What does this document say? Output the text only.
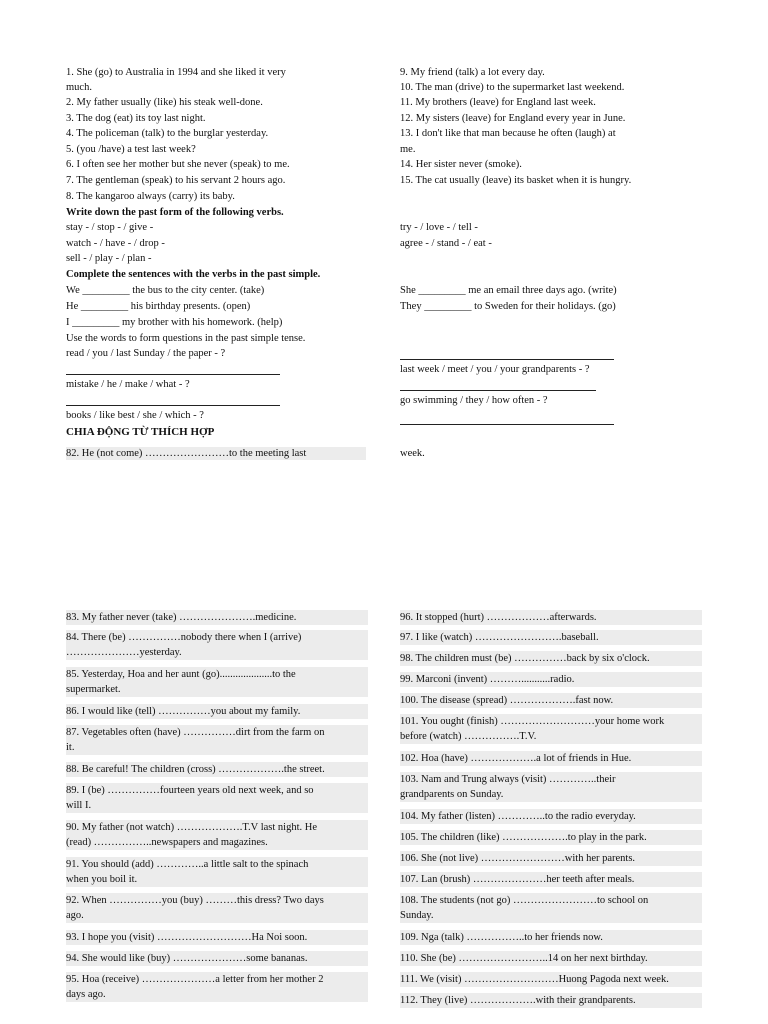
1. She (go) to Australia in 1994 and she liked it very
much.
2. My father usually (like) his steak well-done.
3. The dog (eat) its toy last night.
4. The policeman (talk) to the burglar yesterday.
5. (you /have) a test last week?
6. I often see her mother but she never (speak) to me.
7. The gentleman (speak) to his servant 2 hours ago.
8. The kangaroo always (carry) its baby.
9. My friend (talk) a lot every day.
10. The man (drive) to the supermarket last weekend.
11. My brothers (leave) for England last week.
12. My sisters (leave) for England every year in June.
13. I don't like that man because he often (laugh) at
me.
14. Her sister never (smoke).
15. The cat usually (leave) its basket when it is hungry.
Write down the past form of the following verbs.
stay - / stop - / give -
watch - / have - / drop -
sell - / play - / plan -
try - / love - / tell -
agree - / stand - / eat -
Complete the sentences with the verbs in the past simple.
We _________ the bus to the city center. (take)
He _________ his birthday presents. (open)
I _________ my brother with his homework. (help)
She _________ me an email three days ago. (write)
They _________ to Sweden for their holidays. (go)
Use the words to form questions in the past simple tense.
read / you / last Sunday / the paper - ?
mistake / he / make / what - ?
books / like best / she / which - ?
last week / meet / you / your grandparents - ?
go swimming / they / how often - ?
CHIA ĐỘNG TỪ THÍCH HỢP
82. He (not come) ……………………to the meeting last	week.
83. My father never (take) ………………….medicine.
84. There (be) ……………nobody there when I (arrive)
…………………yesterday.
85. Yesterday, Hoa and her aunt (go)....................to the
supermarket.
86. I would like (tell) ……………you about my family.
87. Vegetables often (have) ……………dirt from the farm on
it.
88. Be careful! The children (cross) ……………….the street.
89. I (be) ……………fourteen years old next week, and so
will I.
90. My father (not watch) ……………….T.V last night. He
(read) ……………..newspapers and magazines.
91. You should (add) …………..a little salt to the spinach
when you boil it.
92. When ……………you (buy) ………this dress? Two days
ago.
93. I hope you (visit) ………………………Ha Noi soon.
94. She would like (buy) …………………some bananas.
95. Hoa (receive) …………………a letter from her mother 2
days ago.
96. It stopped (hurt) ………………afterwards.
97. I like (watch) …………………….baseball.
98. The children must (be) ……………back by six o'clock.
99. Marconi (invent) ………...........radio.
100. The disease (spread) ……………….fast now.
101. You ought (finish) ………………………your home work
before (watch) …………….T.V.
102. Hoa (have) ……………….a lot of friends in Hue.
103. Nam and Trung always (visit) …………..their
grandparents on Sunday.
104. My father (listen) …………..to the radio everyday.
105. The children (like) ……………….to play in the park.
106. She (not live) ……………………with her parents.
107. Lan (brush) …………………her teeth after meals.
108. The students (not go) ……………………to school on
Sunday.
109. Nga (talk) ……………..to her friends now.
110. She (be) ……………………..14 on her next birthday.
111. We (visit) ………………………Huong Pagoda next week.
112. They (live) ……………….with their grandparents.
